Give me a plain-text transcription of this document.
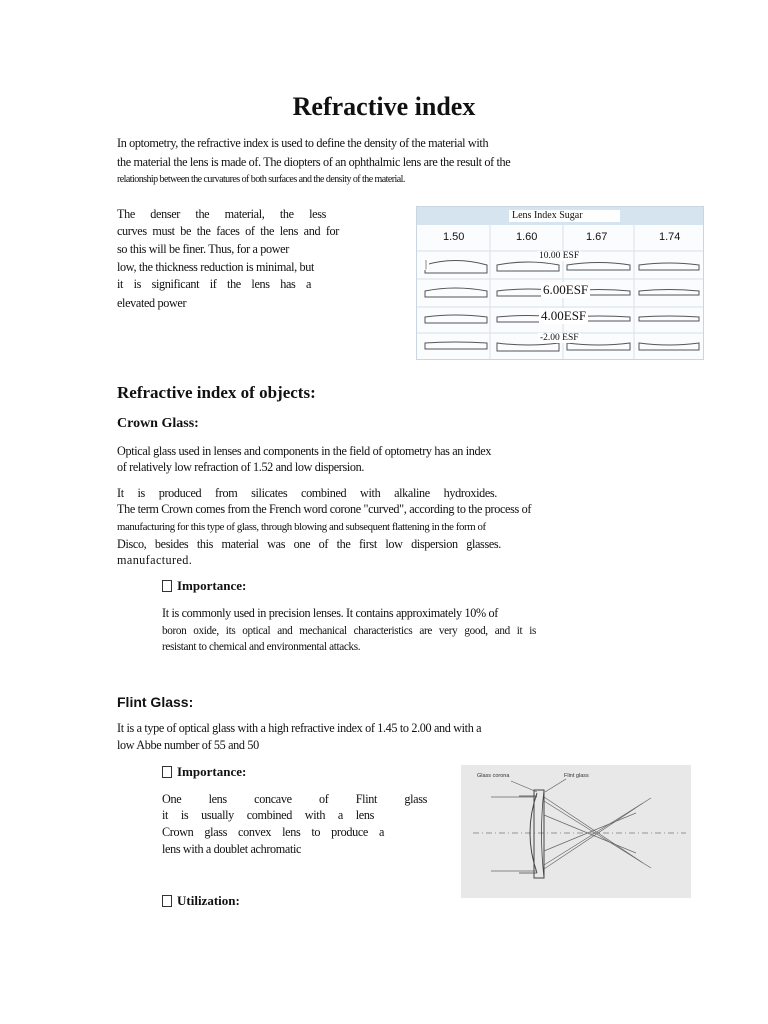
Refractive index
In optometry, the refractive index is used to define the density of the material with
the material the lens is made of. The diopters of an ophthalmic lens are the result of the
relationship between the curvatures of both surfaces and the density of the material.
The denser the material, the less
curves must be the faces of the lens and for
so this will be finer. Thus, for a power
low, the thickness reduction is minimal, but
it is significant if the lens has a
elevated power
Lens Index Sugar
1.50	1.60	1.67	1.74
|
10.00 ESF
6.00ESF
4.00ESF
-2.00 ESF
Refractive index of objects:
Crown Glass:
Optical glass used in lenses and components in the field of optometry has an index
of relatively low refraction of 1.52 and low dispersion.
It is produced from silicates combined with alkaline hydroxides.
The term Crown comes from the French word corone "curved", according to the process of
manufacturing for this type of glass, through blowing and subsequent flattening in the form of
Disco, besides this material was one of the first low dispersion glasses.
manufactured.
Importance:
It is commonly used in precision lenses. It contains approximately 10% of
boron oxide, its optical and mechanical characteristics are very good, and it is
resistant to chemical and environmental attacks.
Flint Glass:
It is a type of optical glass with a high refractive index of 1.45 to 2.00 and with a
low Abbe number of 55 and 50
Importance:
One lens concave of Flint glass
it is usually combined with a lens
Crown glass convex lens to produce a
lens with a doublet achromatic
Utilization:
Glass corona	Flint glass
